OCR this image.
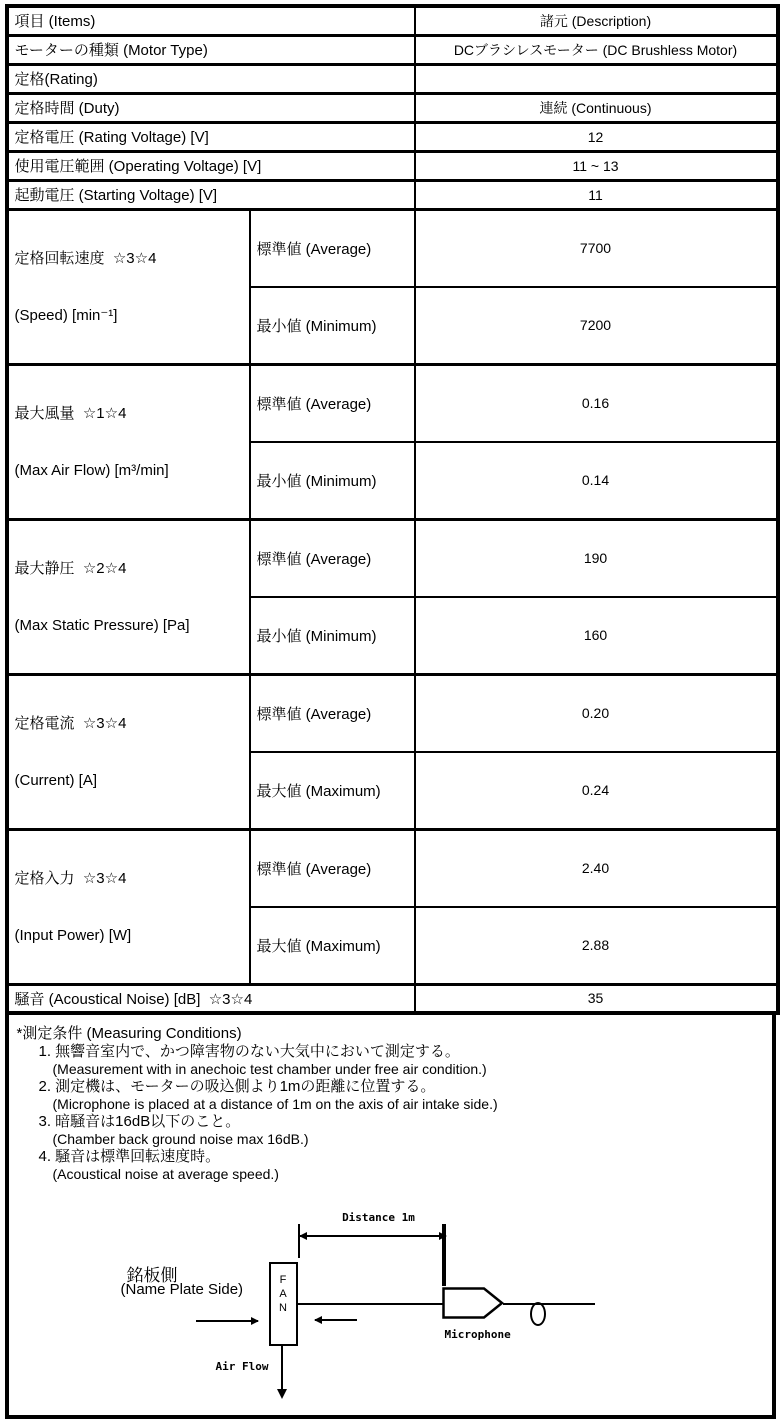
項目 (Items)		諸元 (Description)
モーターの種類 (Motor Type)		DCブラシレスモーター (DC Brushless Motor)
定格(Rating)		
定格時間 (Duty)		連続 (Continuous)
定格電圧 (Rating Voltage) [V]		12
使用電圧範囲 (Operating Voltage) [V]		11 ~ 13
起動電圧 (Starting Voltage) [V]		11

定格回転速度  ☆3☆4

(Speed) [min⁻¹]	標準値 (Average)	7700
	最小値 (Minimum)	7200

最大風量  ☆1☆4

(Max Air Flow) [m³/min]	標準値 (Average)	0.16
	最小値 (Minimum)	0.14

最大静圧  ☆2☆4

(Max Static Pressure) [Pa]	標準値 (Average)	190
	最小値 (Minimum)	160

定格電流  ☆3☆4

(Current) [A]	標準値 (Average)	0.20
	最大値 (Maximum)	0.24

定格入力  ☆3☆4

(Input Power) [W]	標準値 (Average)	2.40
	最大値 (Maximum)	2.88
騒音 (Acoustical Noise) [dB]  ☆3☆4		35
*測定条件 (Measuring Conditions)
1. 無響音室内で、かつ障害物のない大気中において測定する。
(Measurement with in anechoic test chamber under free air condition.)
2. 測定機は、モーターの吸込側より1mの距離に位置する。
(Microphone is placed at a distance of 1m on the axis of air intake side.)
3. 暗騒音は16dB以下のこと。
(Chamber back ground noise max 16dB.)
4. 騒音は標準回転速度時。
(Acoustical noise at average speed.)
Distance 1m
銘板側
(Name Plate Side)
F
A
N
Microphone
Air Flow
